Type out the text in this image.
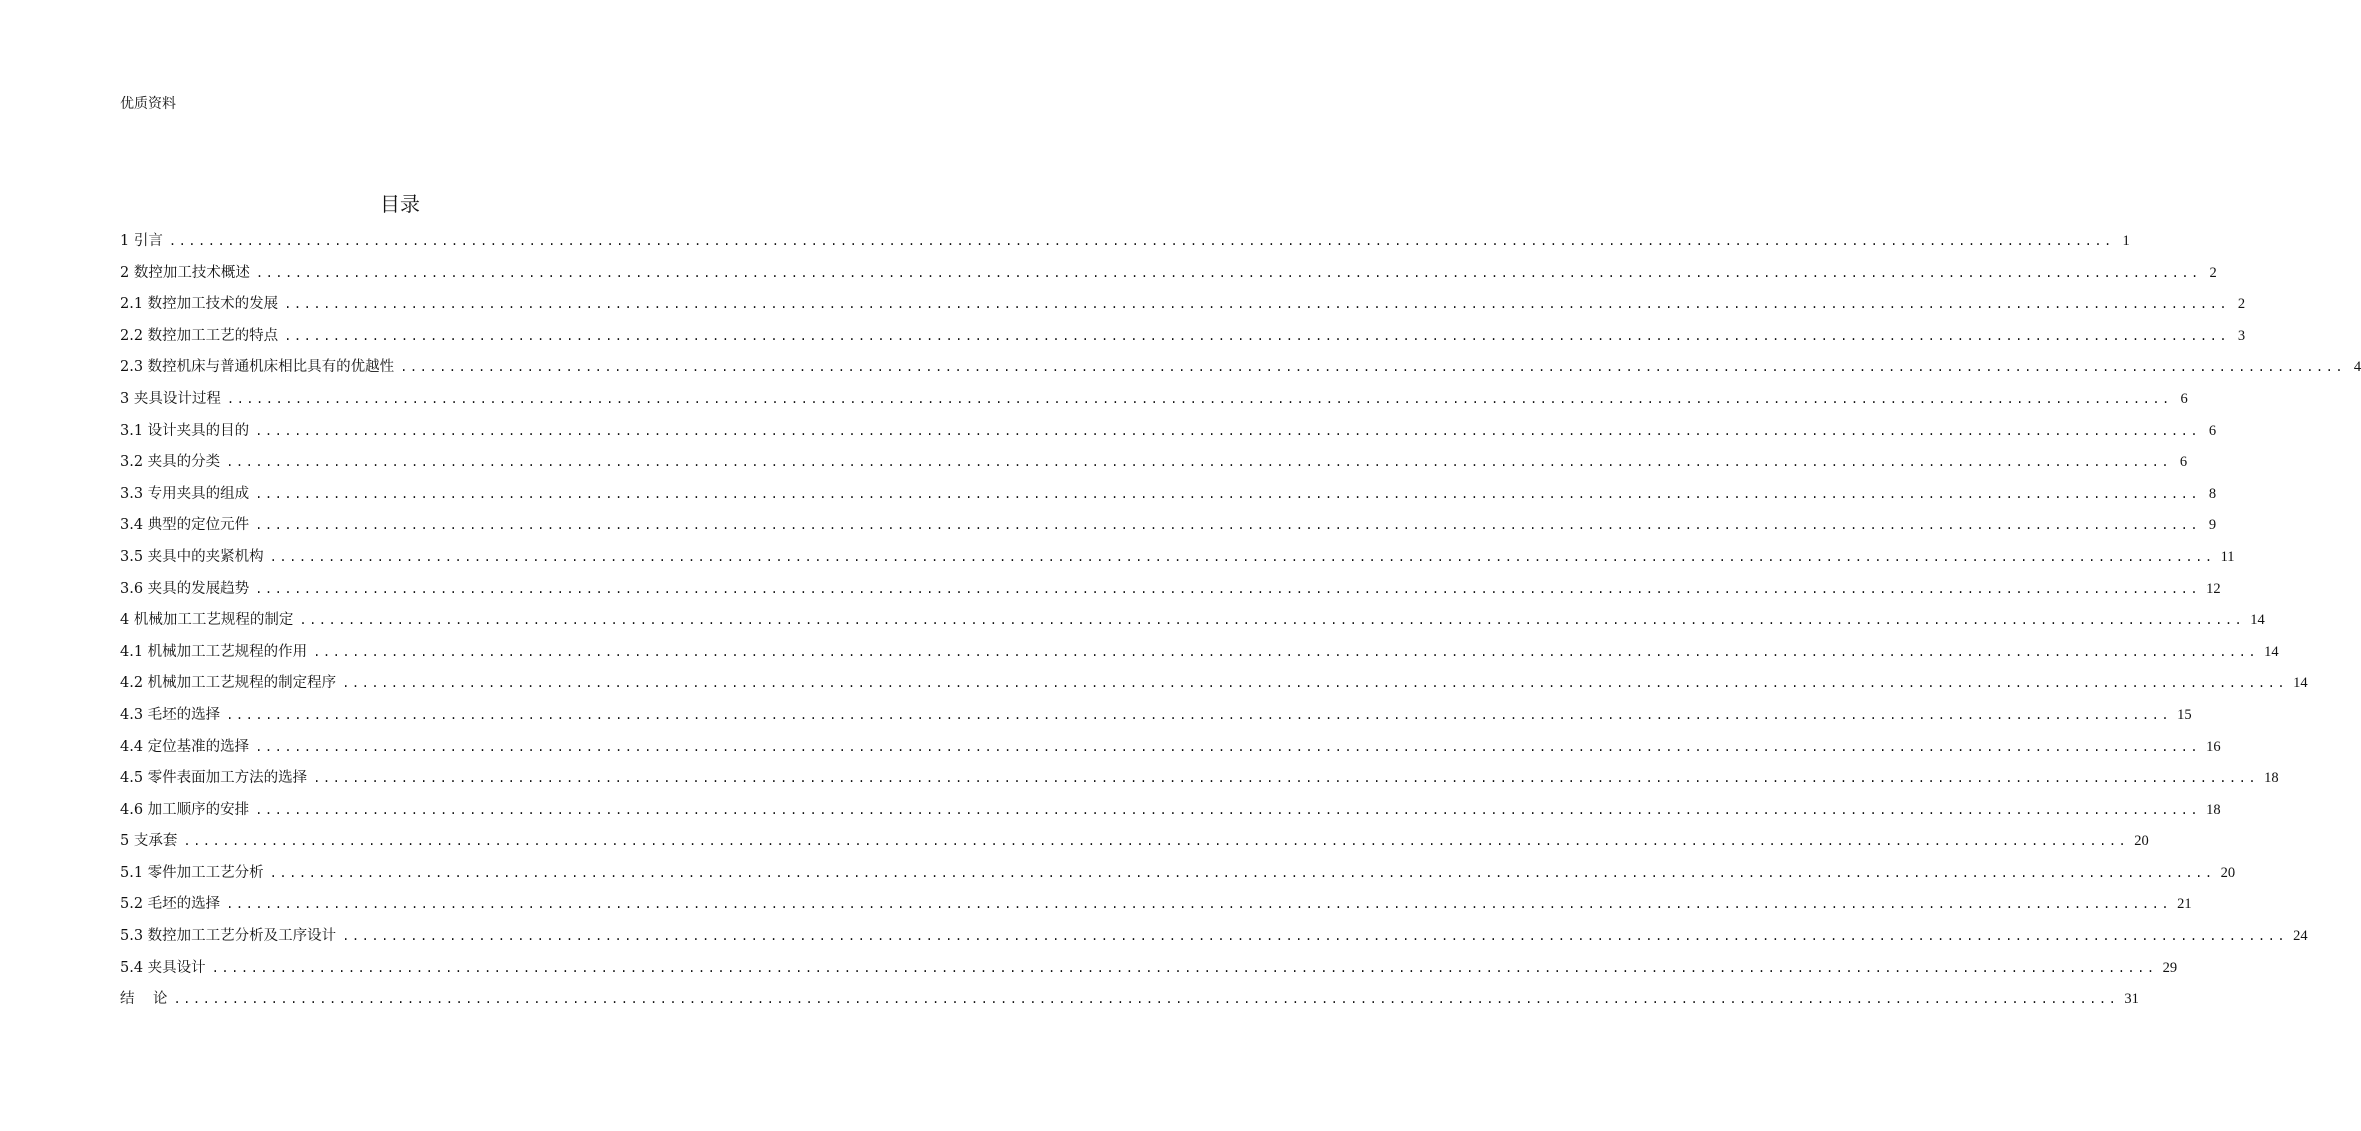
优质资料
目录
1 引言 ........................................................................................................................................................................................................ 1
2 数控加工技术概述 ........................................................................................................................................................................................................ 2
2.1 数控加工技术的发展 ........................................................................................................................................................................................................ 2
2.2 数控加工工艺的特点 ........................................................................................................................................................................................................ 3
2.3 数控机床与普通机床相比具有的优越性 ........................................................................................................................................................................................................ 4
3 夹具设计过程 ........................................................................................................................................................................................................ 6
3.1 设计夹具的目的 ........................................................................................................................................................................................................ 6
3.2 夹具的分类 ........................................................................................................................................................................................................ 6
3.3 专用夹具的组成 ........................................................................................................................................................................................................ 8
3.4 典型的定位元件 ........................................................................................................................................................................................................ 9
3.5 夹具中的夹紧机构 ........................................................................................................................................................................................................ 11
3.6 夹具的发展趋势 ........................................................................................................................................................................................................ 12
4 机械加工工艺规程的制定 ........................................................................................................................................................................................................ 14
4.1 机械加工工艺规程的作用 ........................................................................................................................................................................................................ 14
4.2 机械加工工艺规程的制定程序 ........................................................................................................................................................................................................ 14
4.3 毛坯的选择 ........................................................................................................................................................................................................ 15
4.4 定位基准的选择 ........................................................................................................................................................................................................ 16
4.5 零件表面加工方法的选择 ........................................................................................................................................................................................................ 18
4.6 加工顺序的安排 ........................................................................................................................................................................................................ 18
5 支承套 ........................................................................................................................................................................................................ 20
5.1 零件加工工艺分析 ........................................................................................................................................................................................................ 20
5.2 毛坯的选择 ........................................................................................................................................................................................................ 21
5.3 数控加工工艺分析及工序设计 ........................................................................................................................................................................................................ 24
5.4 夹具设计 ........................................................................................................................................................................................................ 29
结    论 ........................................................................................................................................................................................................ 31
